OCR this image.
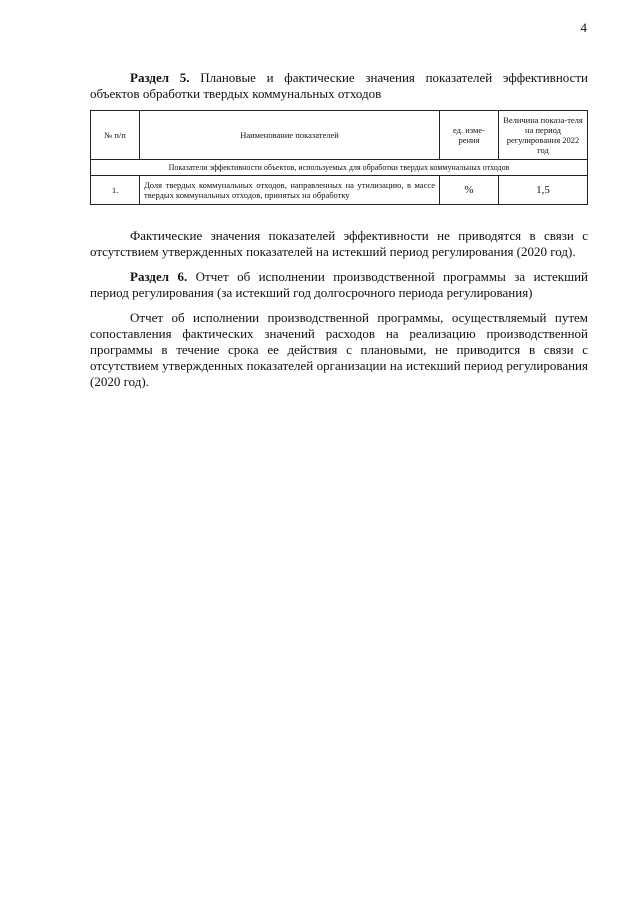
4
Раздел 5. Плановые и фактические значения показателей эффективности объектов обработки твердых коммунальных отходов
№ п/п	Наименование показателей	ед. изме-рения	Величина показа-теля на период регулирования 2022 год
Показатели эффективности объектов, используемых для обработки твердых коммунальных отходов			
1.	Доля твердых коммунальных отходов, направленных на утилизацию, в массе твердых коммунальных отходов, принятых на обработку	%	1,5
Фактические значения показателей эффективности не приводятся в связи с отсутствием утвержденных показателей на истекший период регулирования (2020 год).
Раздел 6. Отчет об исполнении производственной программы за истекший период регулирования (за истекший год долгосрочного периода регулирования)
Отчет об исполнении производственной программы, осуществляемый путем сопоставления фактических значений расходов на реализацию производственной программы в течение срока ее действия с плановыми, не приводится в связи с отсутствием утвержденных показателей организации на истекший период регулирования (2020 год).
